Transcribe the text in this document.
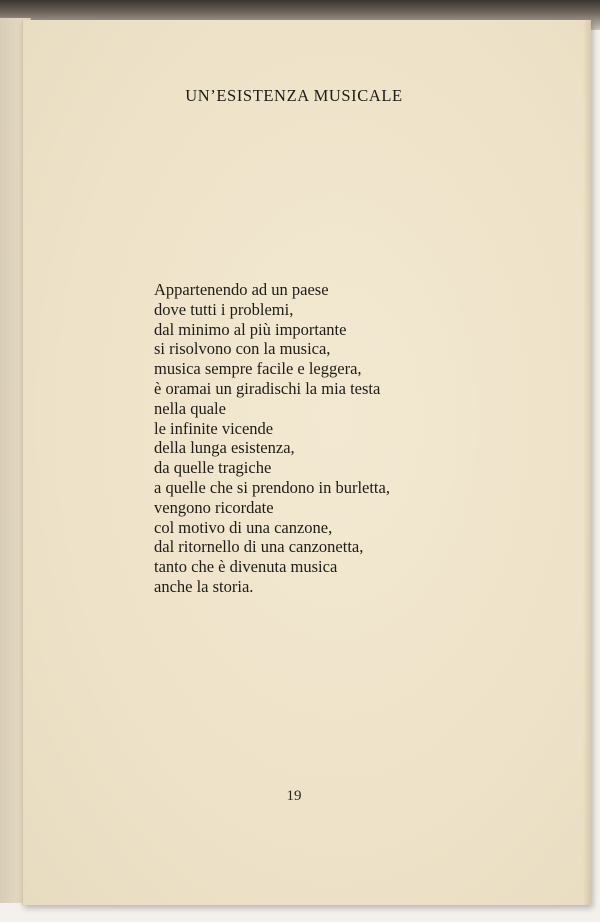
UN’ESISTENZA MUSICALE
Appartenendo ad un paese
dove tutti i problemi,
dal minimo al più importante
si risolvono con la musica,
musica sempre facile e leggera,
è oramai un giradischi la mia testa
nella quale
le infinite vicende
della lunga esistenza,
da quelle tragiche
a quelle che si prendono in burletta,
vengono ricordate
col motivo di una canzone,
dal ritornello di una canzonetta,
tanto che è divenuta musica
anche la storia.
19
